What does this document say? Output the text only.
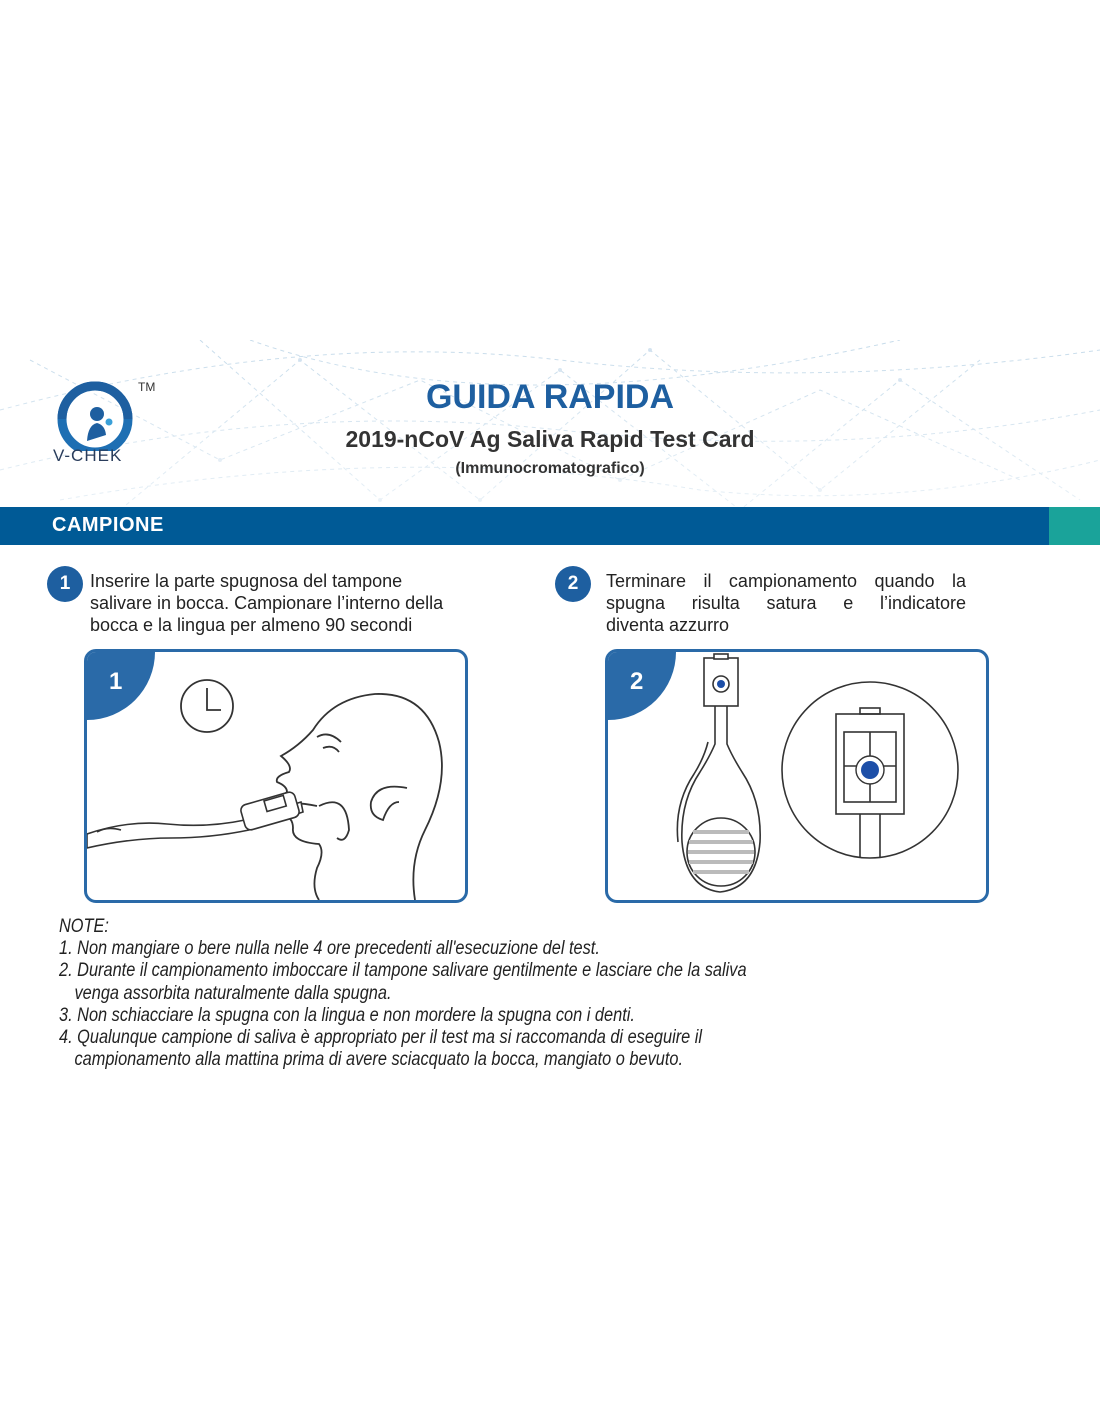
V-CHEK
TM	GUIDA RAPIDA
2019-nCoV Ag Saliva Rapid Test Card
(Immunocromatografico)
CAMPIONE
1	Inserire la parte spugnosa del tampone
salivare in bocca. Campionare l’interno della
bocca e la lingua per almeno 90 secondi
2	Terminare il campionamento quando la
spugna risulta satura e l’indicatore
diventa azzurro
1	2
NOTE:
1. Non mangiare o bere nulla nelle 4 ore precedenti all'esecuzione del test.
2. Durante il campionamento imboccare il tampone salivare gentilmente e lasciare che la saliva
venga assorbita naturalmente dalla spugna.
3. Non schiacciare la spugna con la lingua e non mordere la spugna con i denti.
4. Qualunque campione di saliva è appropriato per il test ma si raccomanda di eseguire il
campionamento alla mattina prima di avere sciacquato la bocca, mangiato o bevuto.
